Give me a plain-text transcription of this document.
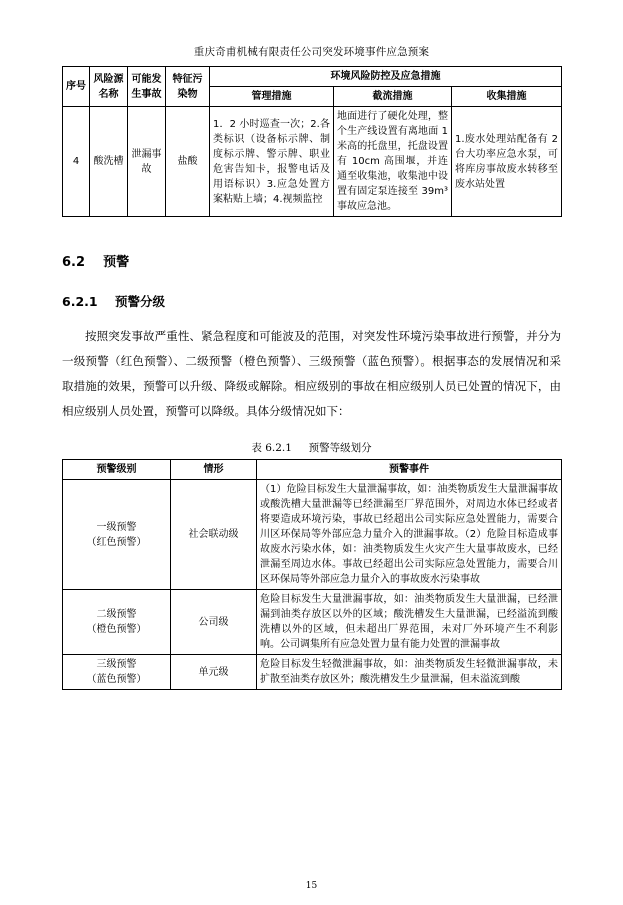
重庆奇甫机械有限责任公司突发环境事件应急预案
序号	风险源名称	可能发生事故	特征污染物	环境风险防控及应急措施		
				管理措施	截流措施	收集措施
4	酸洗槽	泄漏事故	盐酸	1．2 小时巡查一次；2.各类标识（设备标示牌、制度标示牌、警示牌、职业危害告知卡，报警电话及用语标识）3.应急处置方案粘贴上墙；4.视频监控	地面进行了硬化处理，整个生产线设置有离地面 1 米高的托盘里，托盘设置有 10cm 高围堰，并连通至收集池，收集池中设置有固定泵连接至 39m³事故应急池。	1.废水处理站配备有 2 台大功率应急水泵，可将库房事故废水转移至废水站处置
6.2 预警
6.2.1 预警分级

按照突发事故严重性、紧急程度和可能波及的范围，对突发性环境污染事故进行预警，并分为一级预警（红色预警）、二级预警（橙色预警）、三级预警（蓝色预警）。根据事态的发展情况和采取措施的效果，预警可以升级、降级或解除。相应级别的事故在相应级别人员已处置的情况下，由相应级别人员处置，预警可以降级。具体分级情况如下：

表 6.2.1 预警等级划分
预警级别	情形	预警事件

一级预警
（红色预警）	社会联动级	（1）危险目标发生大量泄漏事故，如：油类物质发生大量泄漏事故或酸洗槽大量泄漏等已经泄漏至厂界范围外，对周边水体已经或者将要造成环境污染，事故已经超出公司实际应急处置能力，需要合川区环保局等外部应急力量介入的泄漏事故。（2）危险目标造成事故废水污染水体，如：油类物质发生火灾产生大量事故废水，已经泄漏至周边水体。事故已经超出公司实际应急处置能力，需要合川区环保局等外部应急力量介入的事故废水污染事故

二级预警
（橙色预警）	公司级	危险目标发生大量泄漏事故，如：油类物质发生大量泄漏，已经泄漏到油类存放区以外的区域；酸洗槽发生大量泄漏，已经溢流到酸洗槽以外的区域，但未超出厂界范围，未对厂外环境产生不利影响。公司调集所有应急处置力量有能力处置的泄漏事故

三级预警
（蓝色预警）	单元级	危险目标发生轻微泄漏事故，如：油类物质发生轻微泄漏事故，未扩散至油类存放区外；酸洗槽发生少量泄漏，但未溢流到酸
15
